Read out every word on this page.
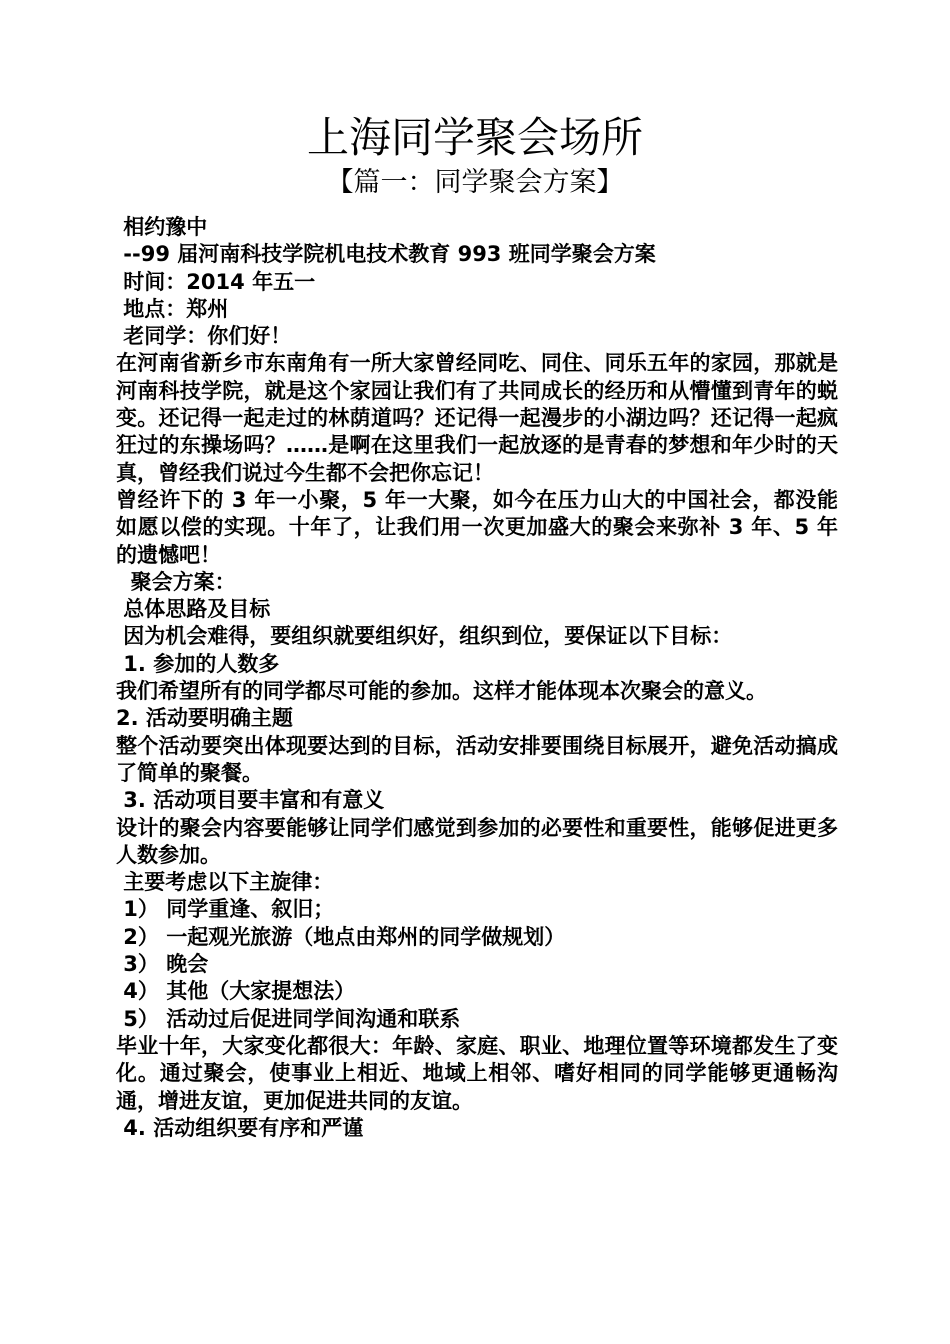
上海同学聚会场所
【篇一：同学聚会方案】
相约豫中
--99 届河南科技学院机电技术教育 993 班同学聚会方案
时间：2014 年五一
地点：郑州
老同学：你们好！
在河南省新乡市东南角有一所大家曾经同吃、同住、同乐五年的家园，那就是河南科技学院，就是这个家园让我们有了共同成长的经历和从懵懂到青年的蜕变。还记得一起走过的林荫道吗？还记得一起漫步的小湖边吗？还记得一起疯狂过的东操场吗？……是啊在这里我们一起放逐的是青春的梦想和年少时的天真，曾经我们说过今生都不会把你忘记！
曾经许下的 3 年一小聚，5 年一大聚，如今在压力山大的中国社会，都没能如愿以偿的实现。十年了，让我们用一次更加盛大的聚会来弥补 3 年、5 年的遗憾吧！
聚会方案：
总体思路及目标
因为机会难得，要组织就要组织好，组织到位，要保证以下目标：
1. 参加的人数多
我们希望所有的同学都尽可能的参加。这样才能体现本次聚会的意义。
2. 活动要明确主题
整个活动要突出体现要达到的目标，活动安排要围绕目标展开，避免活动搞成了简单的聚餐。
3. 活动项目要丰富和有意义
设计的聚会内容要能够让同学们感觉到参加的必要性和重要性，能够促进更多人数参加。
主要考虑以下主旋律：
1） 同学重逢、叙旧；
2） 一起观光旅游（地点由郑州的同学做规划）
3） 晚会
4） 其他（大家提想法）
5） 活动过后促进同学间沟通和联系
毕业十年，大家变化都很大：年龄、家庭、职业、地理位置等环境都发生了变化。通过聚会，使事业上相近、地域上相邻、嗜好相同的同学能够更通畅沟通，增进友谊，更加促进共同的友谊。
4. 活动组织要有序和严谨
